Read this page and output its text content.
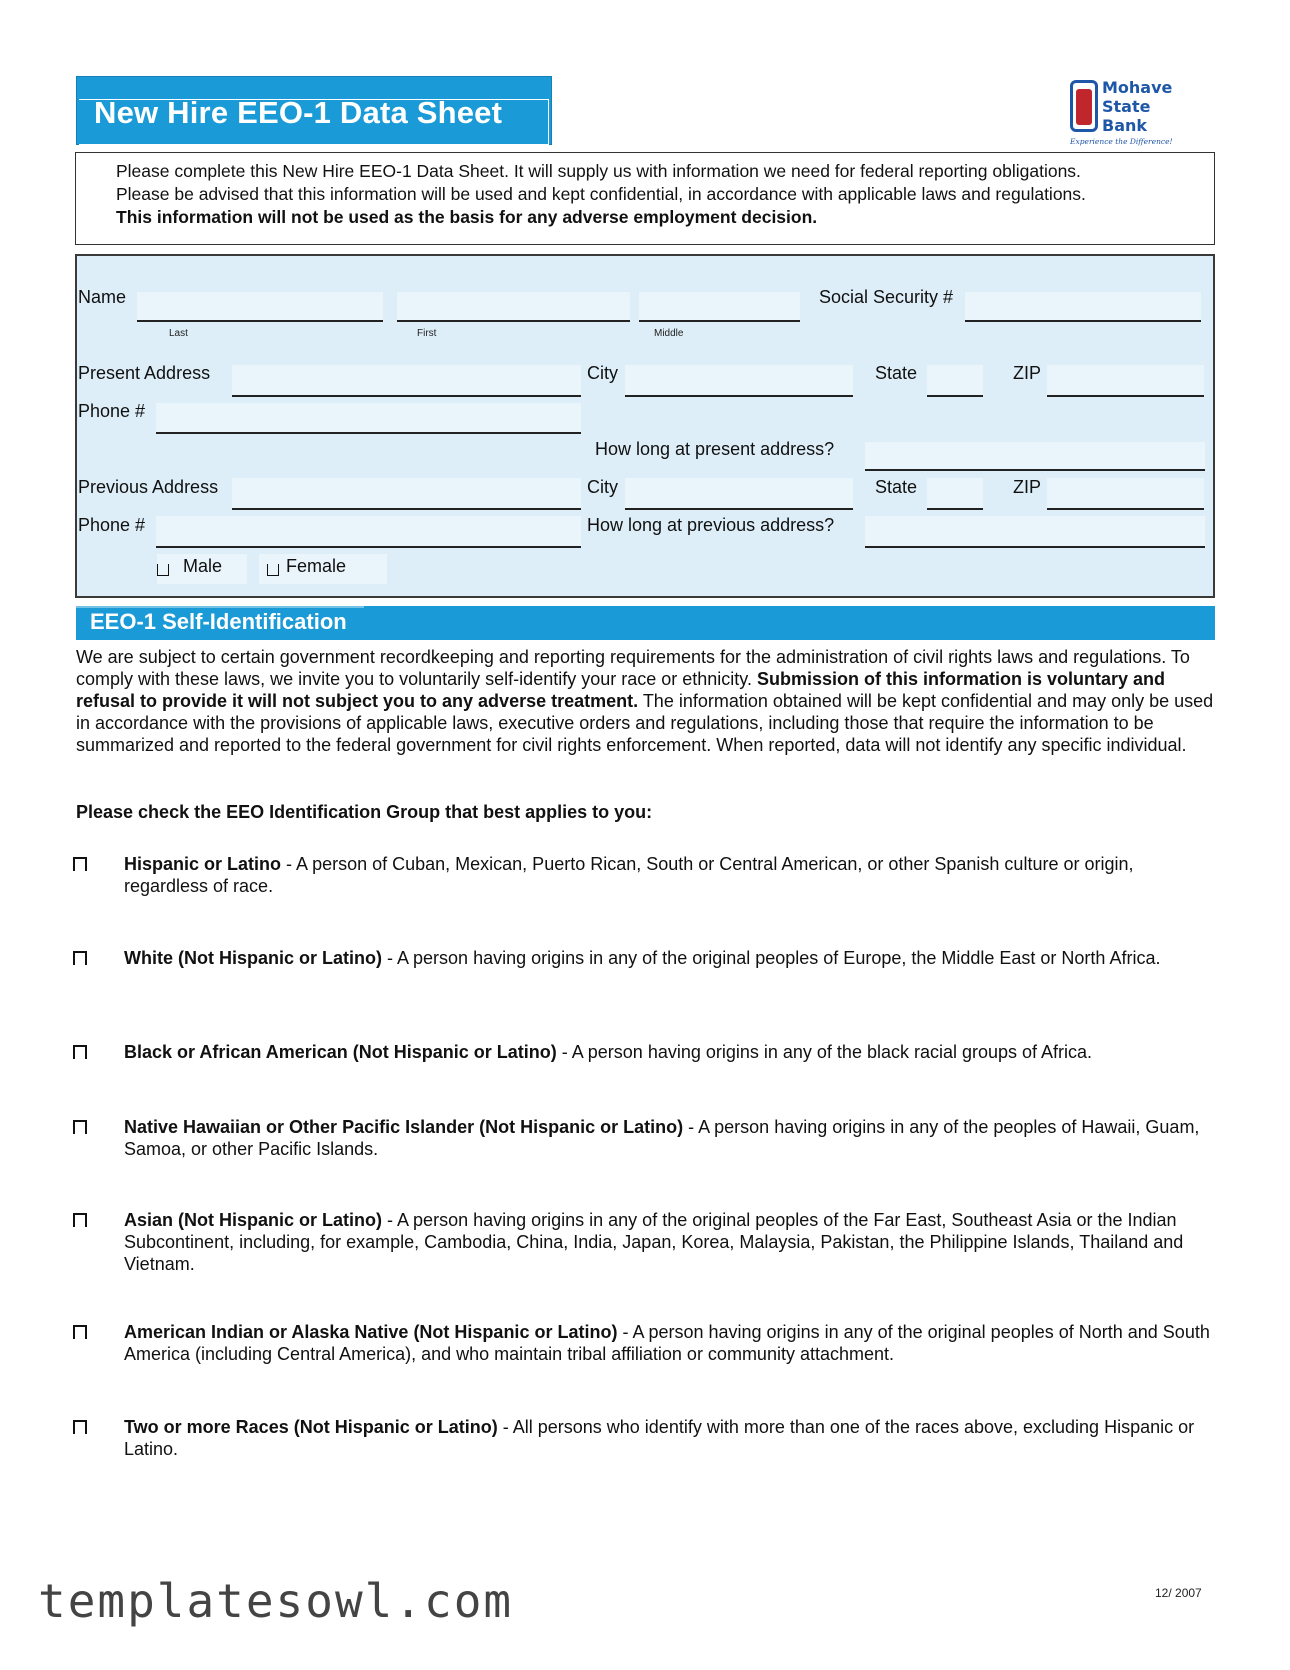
New Hire EEO-1 Data Sheet
Mohave
State
Bank
Experience the Difference!

Please complete this New Hire EEO-1 Data Sheet. It will supply us with information we need for federal reporting obligations.

Please be advised that this information will be used and kept confidential, in accordance with applicable laws and regulations.

This information will not be used as the basis for any adverse employment decision.

Name
Last	First	Middle
Social Security #
Present Address	City	State	ZIP
Phone #
How long at present address?
Previous Address	City	State	ZIP
Phone #	How long at previous address?
Male	Female
EEO-1 Self-Identification
We are subject to certain government recordkeeping and reporting requirements for the administration of civil rights laws and regulations. To comply with these laws, we invite you to voluntarily self-identify your race or ethnicity. Submission of this information is voluntary and refusal to provide it will not subject you to any adverse treatment. The information obtained will be kept confidential and may only be used in accordance with the provisions of applicable laws, executive orders and regulations, including those that require the information to be summarized and reported to the federal government for civil rights enforcement. When reported, data will not identify any specific individual.
Please check the EEO Identification Group that best applies to you:
Hispanic or Latino - A person of Cuban, Mexican, Puerto Rican, South or Central American, or other Spanish culture or origin, regardless of race.
White (Not Hispanic or Latino) - A person having origins in any of the original peoples of Europe, the Middle East or North Africa.
Black or African American (Not Hispanic or Latino) - A person having origins in any of the black racial groups of Africa.
Native Hawaiian or Other Pacific Islander (Not Hispanic or Latino) - A person having origins in any of the peoples of Hawaii, Guam, Samoa, or other Pacific Islands.
Asian (Not Hispanic or Latino) - A person having origins in any of the original peoples of the Far East, Southeast Asia or the Indian Subcontinent, including, for example, Cambodia, China, India, Japan, Korea, Malaysia, Pakistan, the Philippine Islands, Thailand and Vietnam.
American Indian or Alaska Native (Not Hispanic or Latino) - A person having origins in any of the original peoples of North and South America (including Central America), and who maintain tribal affiliation or community attachment.
Two or more Races (Not Hispanic or Latino) - All persons who identify with more than one of the races above, excluding Hispanic or Latino.
templatesowl.com	12/ 2007
